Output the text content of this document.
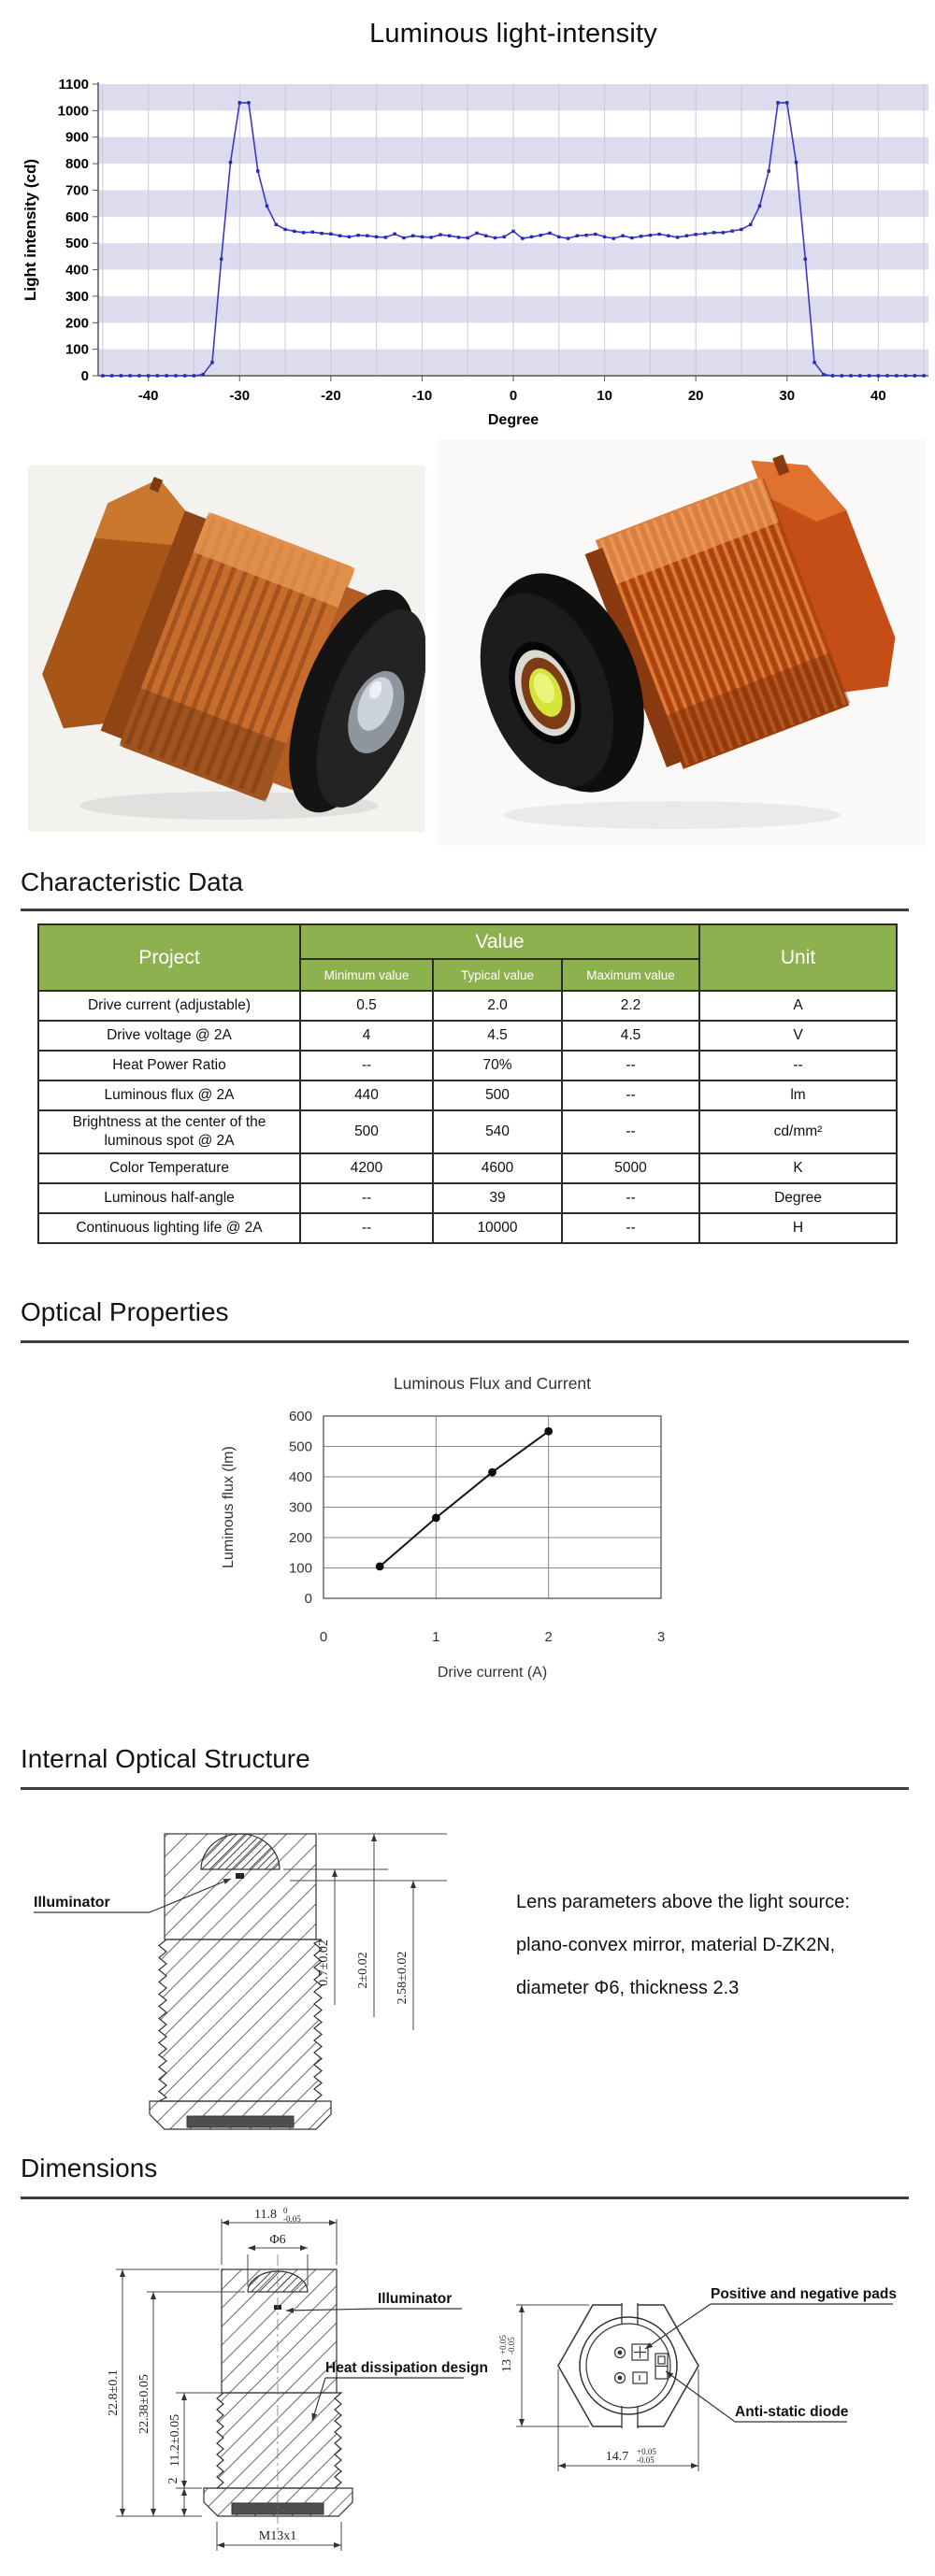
Luminous light-intensity
0
100
200
300
400
500
600
700
800
900
1000
1100
-40	-30	-20	-10	0	10	20	30	40
Light intensity (cd)
Degree
Characteristic Data
Project	Value			Unit
	Minimum value	Typical value	Maximum value	
Drive current (adjustable)	0.5	2.0	2.2	A
Drive voltage @ 2A	4	4.5	4.5	V
Heat Power Ratio	--	70%	--	--
Luminous flux @ 2A	440	500	--	lm
Brightness at the center of the luminous spot @ 2A	500	540	--	cd/mm²
Color Temperature	4200	4600	5000	K
Luminous half-angle	--	39	--	Degree
Continuous lighting life @ 2A	--	10000	--	H
Optical Properties
0
100
200
300
400
500
600
0	1	2	3
Luminous Flux and Current
Luminous flux (lm)
Drive current (A)
Internal Optical Structure
0.7±0.02 2±0.02 2.58±0.02
Illuminator	Lens parameters above the light source:
plano-convex mirror, material D-ZK2N,
diameter Φ6, thickness 2.3
Dimensions
11.8 0
-0.05
Φ6
Illuminator
Heat dissipation design
22.8±0.1 22.38±0.05
11.2±0.05
2
M13x1
13
+0.05 -0.05
14.7 +0.05
-0.05
Positive and negative pads
Anti-static diode
